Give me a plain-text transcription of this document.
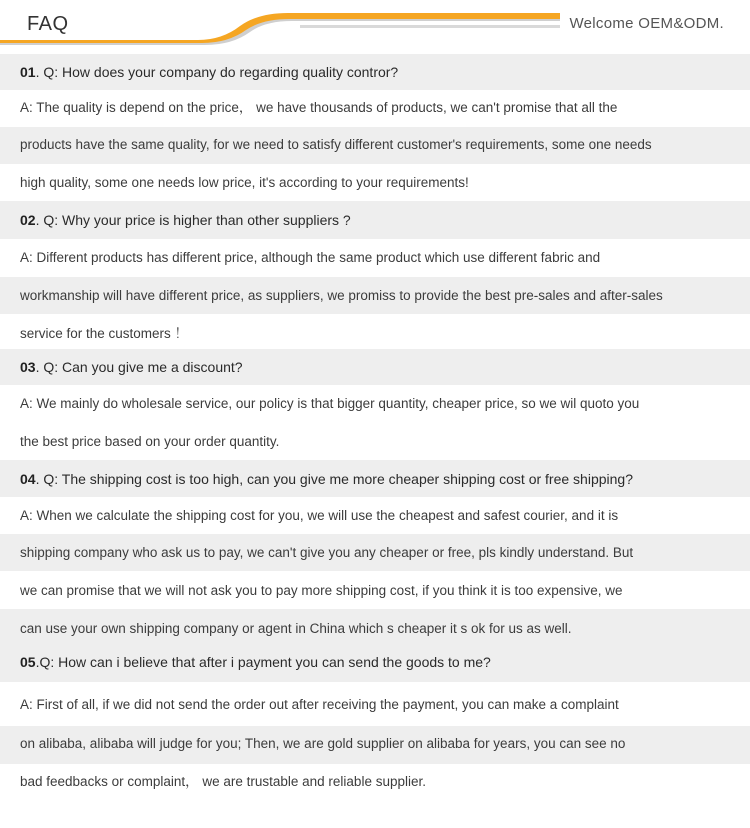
FAQ	Welcome OEM&ODM.
01. Q: How does your company do regarding quality contror?
A: The quality is depend on the price， we have thousands of products, we can't promise that all the
products have the same quality, for we need to satisfy different customer's requirements, some one needs
high quality, some one needs low price, it's according to your requirements!
02. Q: Why your price is higher than other suppliers ?
A: Different products has different price, although the same product which use different fabric and
workmanship will have different price, as suppliers, we promiss to provide the best pre-sales and after-sales
service for the customers ！
03. Q: Can you give me a discount?
A: We mainly do wholesale service, our policy is that bigger quantity, cheaper price, so we wil quoto you
the best price based on your order quantity.
04. Q: The shipping cost is too high, can you give me more cheaper shipping cost or free shipping?
A: When we calculate the shipping cost for you, we will use the cheapest and safest courier, and it is
shipping company who ask us to pay, we can't give you any cheaper or free, pls kindly understand. But
we can promise that we will not ask you to pay more shipping cost, if you think it is too expensive, we
can use your own shipping company or agent in China which s cheaper it s ok for us as well.
05.Q: How can i believe that after i payment you can send the goods to me?
A: First of all, if we did not send the order out after receiving the payment, you can make a complaint
on alibaba, alibaba will judge for you; Then, we are gold supplier on alibaba for years, you can see no
bad feedbacks or complaint， we are trustable and reliable supplier.
